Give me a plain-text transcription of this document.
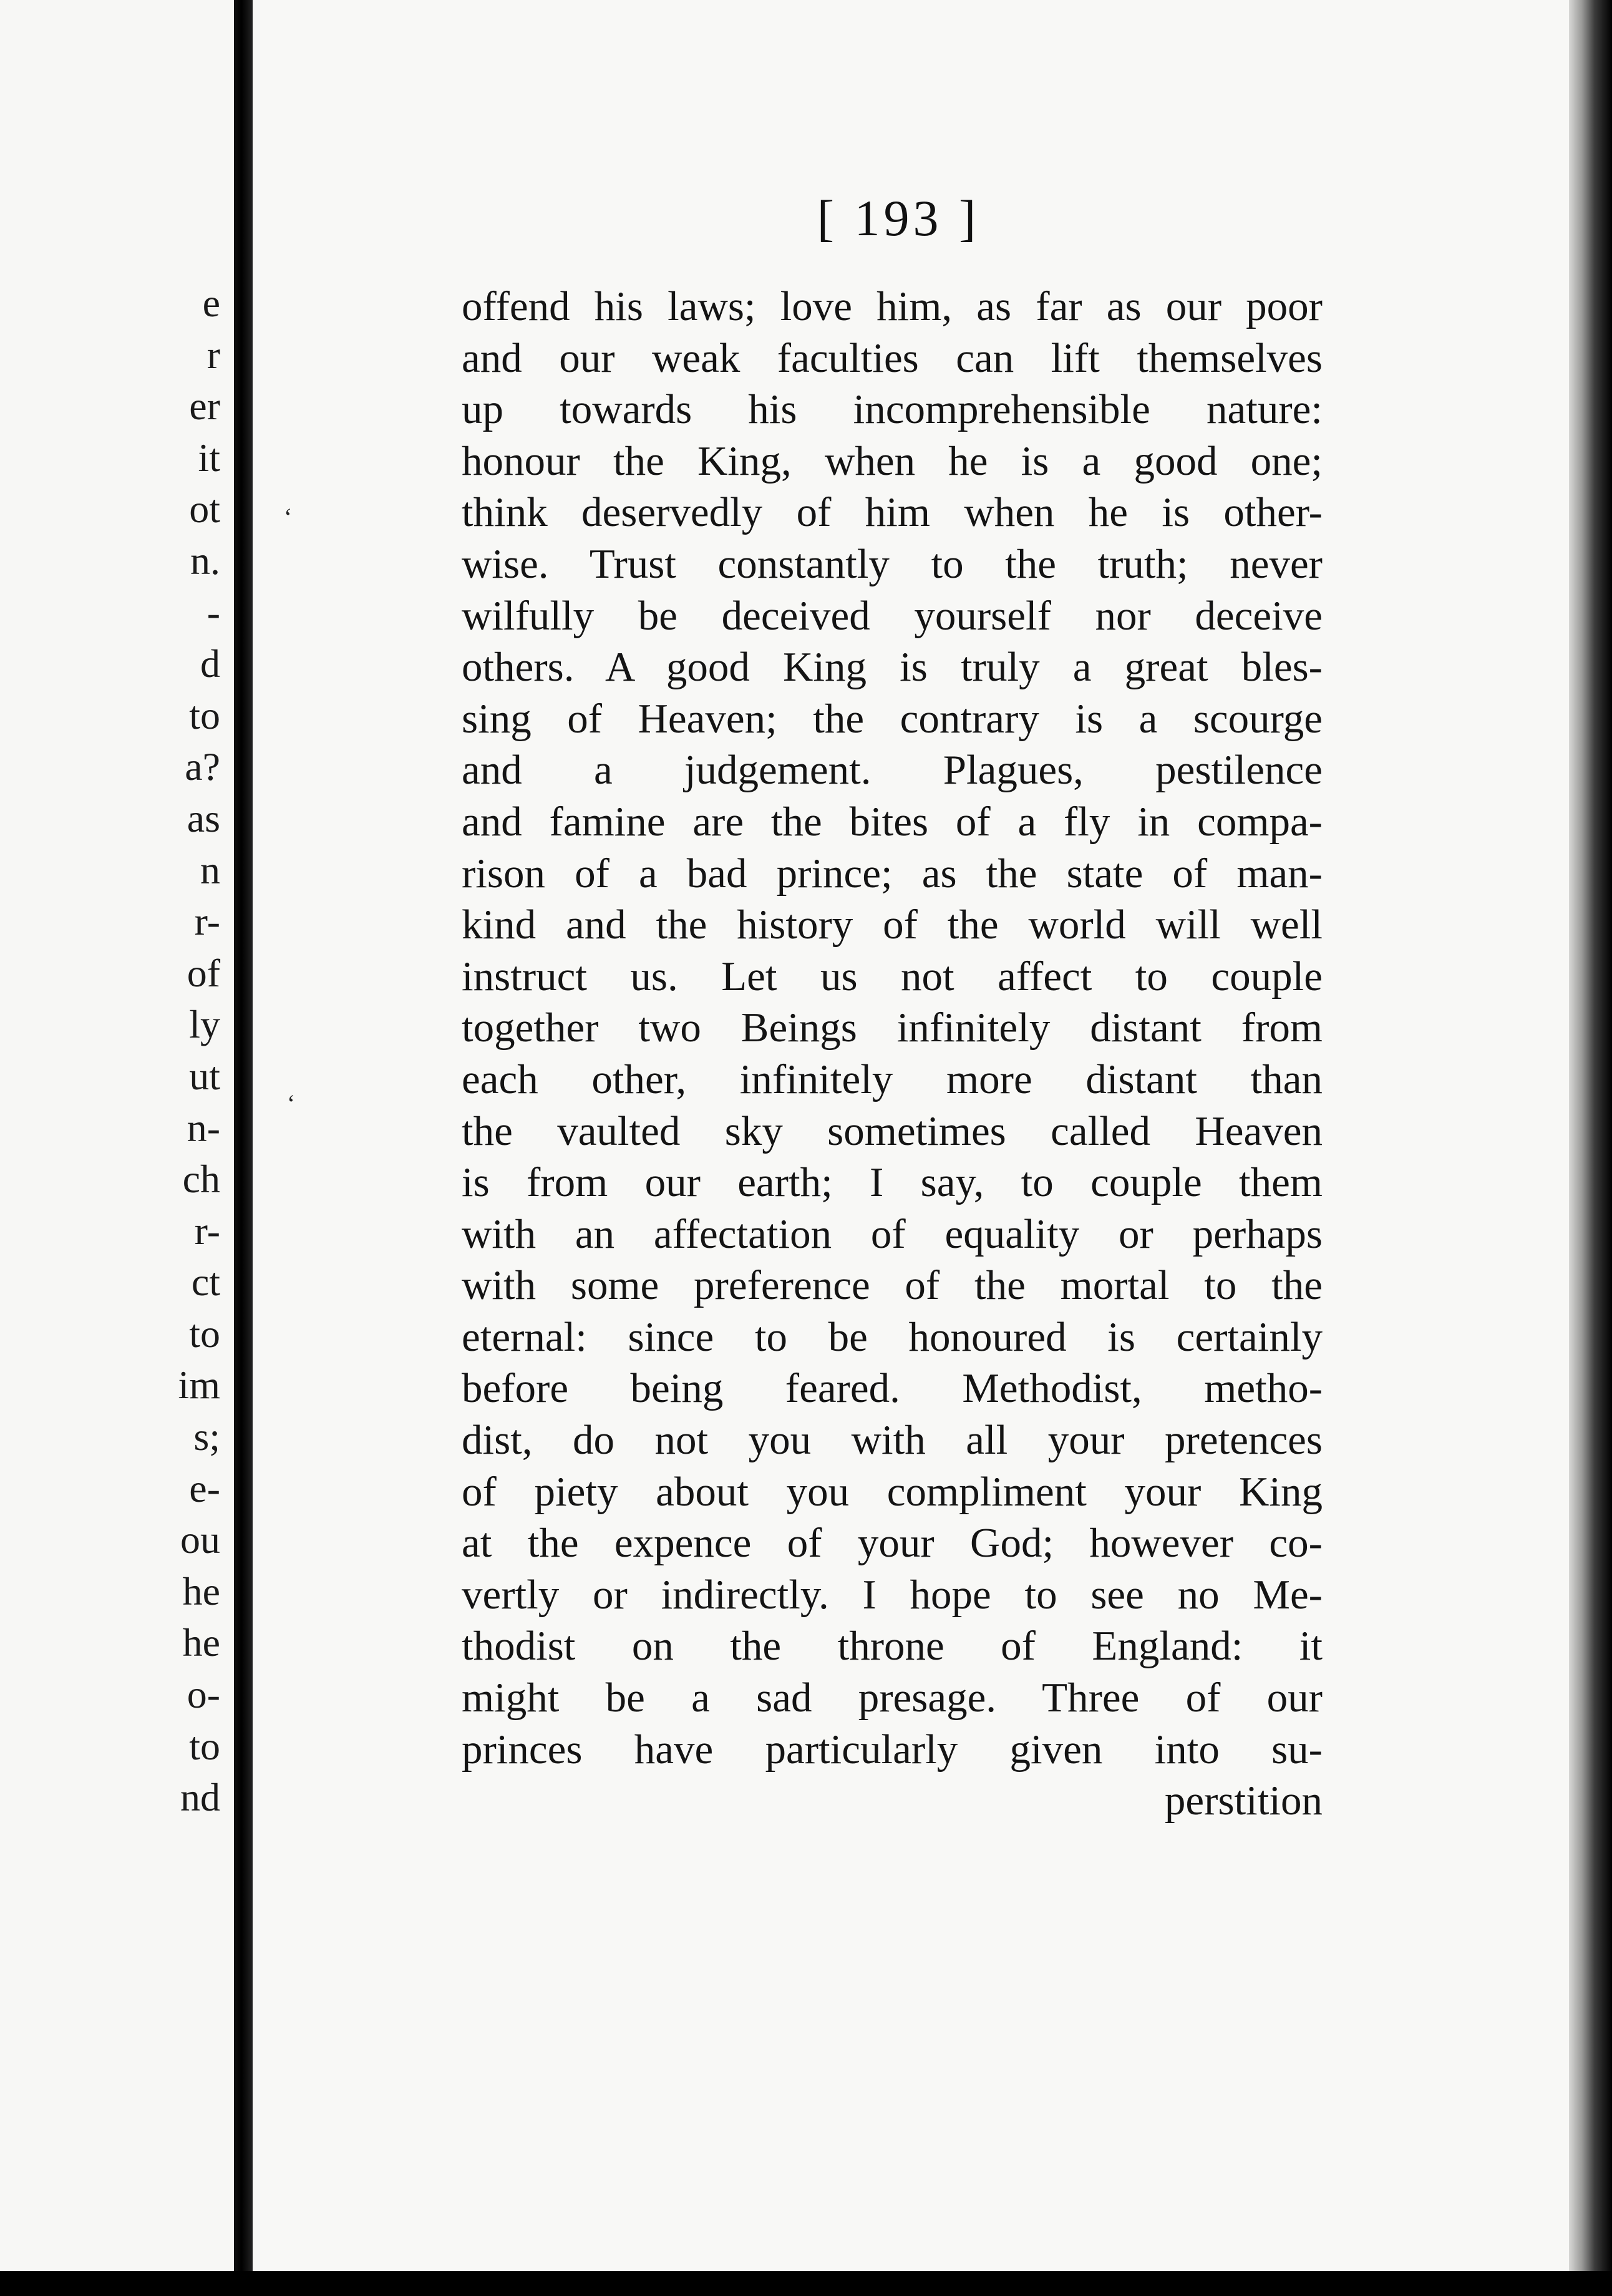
e
r
er
it
ot
n.
-
d
to
a?
as
n
r-
of
ly
ut
n-
ch
r-
ct
to
im
s;
e-
ou
he
he
o-
to
nd
[ 193 ]
offend his laws; love him, as far as our poor
and our weak faculties can lift themselves
up towards his incomprehensible nature:
honour the King, when he is a good one;
think deservedly of him when he is other-
wise. Trust constantly to the truth; never
wilfully be deceived yourself nor deceive
others. A good King is truly a great bles-
sing of Heaven; the contrary is a scourge
and a judgement. Plagues, pestilence
and famine are the bites of a fly in compa-
rison of a bad prince; as the state of man-
kind and the history of the world will well
instruct us. Let us not affect to couple
together two Beings infinitely distant from
each other, infinitely more distant than
the vaulted sky sometimes called Heaven
is from our earth; I say, to couple them
with an affectation of equality or perhaps
with some preference of the mortal to the
eternal: since to be honoured is certainly
before being feared. Methodist, metho-
dist, do not you with all your pretences
of piety about you compliment your King
at the expence of your God; however co-
vertly or indirectly. I hope to see no Me-
thodist on the throne of England: it
might be a sad presage. Three of our
princes have particularly given into su-
perstition
ʻ
ʻ
